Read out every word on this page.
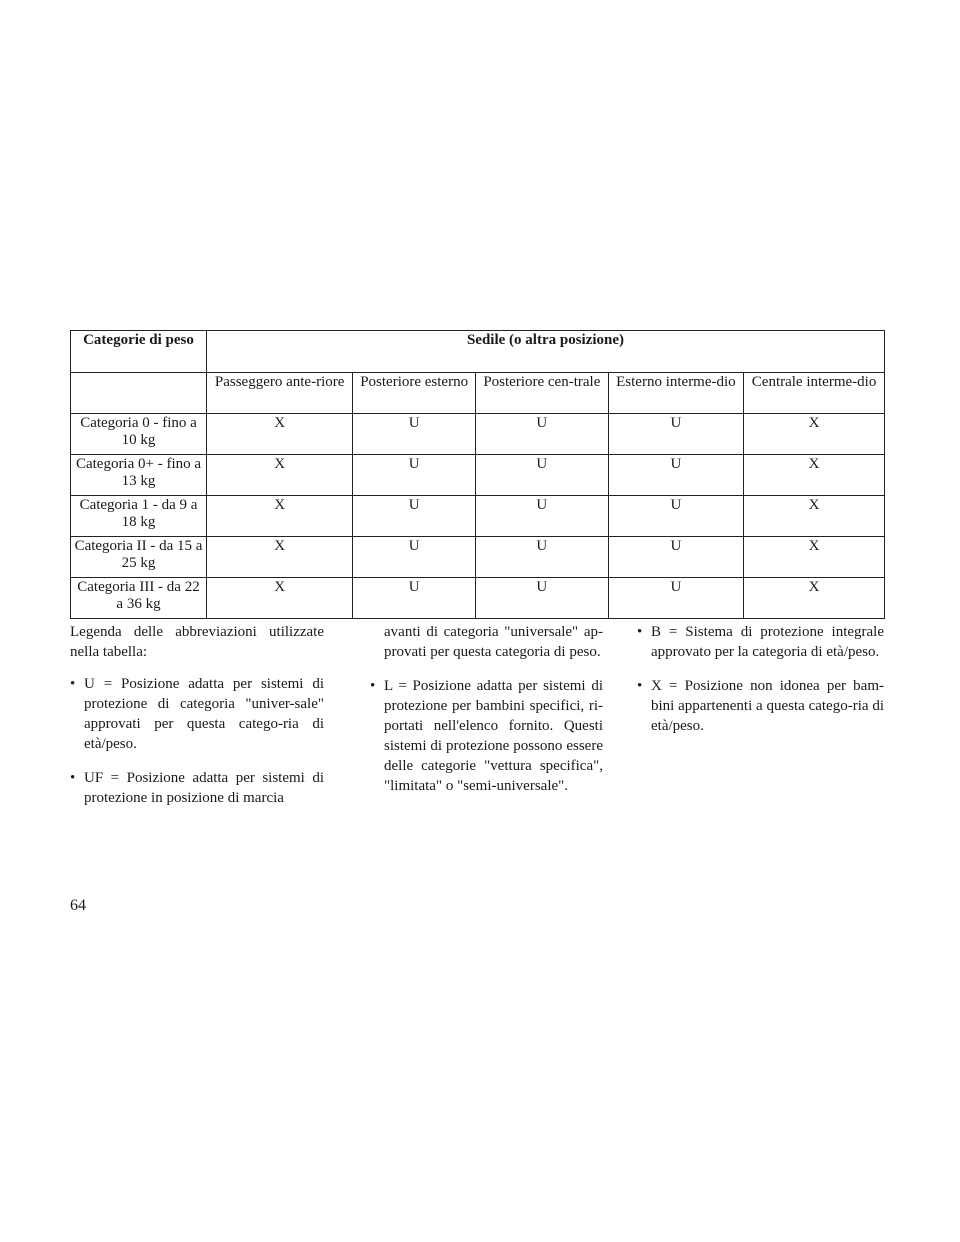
Categorie di peso	Sedile (o altra posizione)				
	Passeggero ante-riore	Posteriore esterno	Posteriore cen-trale	Esterno interme-dio	Centrale interme-dio
Categoria 0 - fino a 10 kg	X	U	U	U	X
Categoria 0+ - fino a 13 kg	X	U	U	U	X
Categoria 1 - da 9 a 18 kg	X	U	U	U	X
Categoria II - da 15 a 25 kg	X	U	U	U	X
Categoria III - da 22 a 36 kg	X	U	U	U	X

Legenda delle abbreviazioni utilizzate nella tabella:

• U = Posizione adatta per sistemi di protezione di categoria "univer-sale" approvati per questa catego-ria di età/peso.
• UF = Posizione adatta per sistemi di protezione in posizione di marcia
avanti di categoria "universale" ap-provati per questa categoria di peso.
• L = Posizione adatta per sistemi di protezione per bambini specifici, ri-portati nell'elenco fornito. Questi sistemi di protezione possono essere delle categorie "vettura specifica", "limitata" o "semi-universale".
• B = Sistema di protezione integrale approvato per la categoria di età/peso.
• X = Posizione non idonea per bam-bini appartenenti a questa catego-ria di età/peso.
64
